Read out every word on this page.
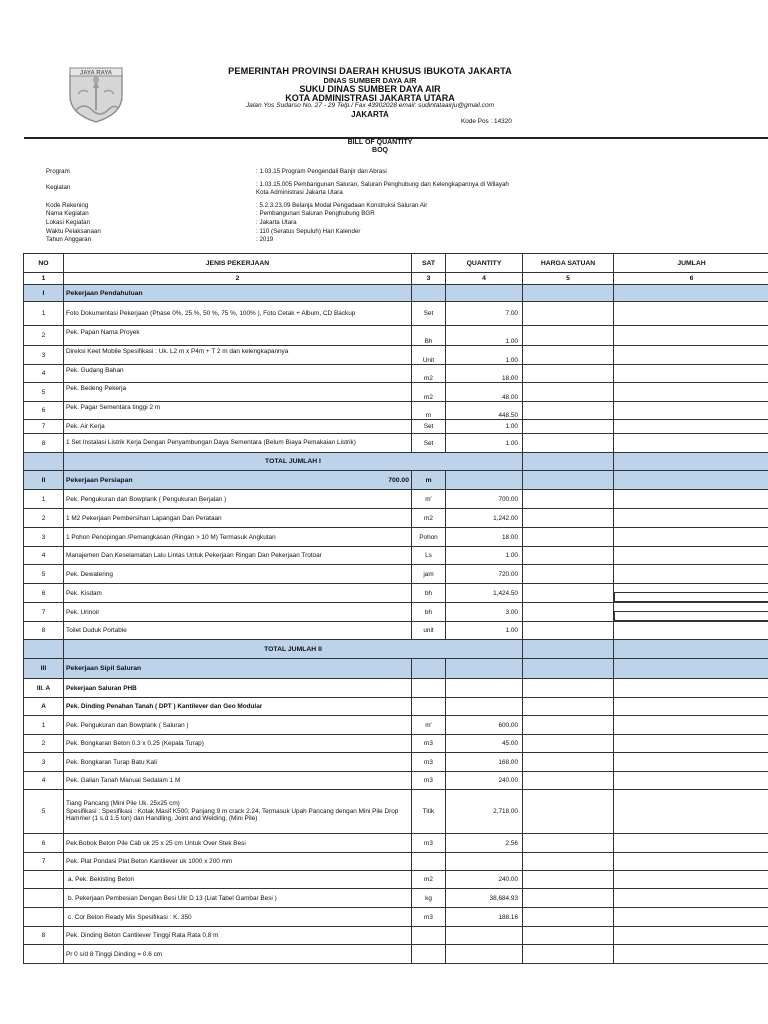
JAYA RAYA	PEMERINTAH PROVINSI DAERAH KHUSUS IBUKOTA JAKARTA
DINAS SUMBER DAYA AIR
SUKU DINAS SUMBER DAYA AIR
KOTA ADMINISTRASI JAKARTA UTARA
Jalan Yos Sudarso No. 27 - 29 Telp./ Fax 43902028 email: sudintataairju@gmail.com
JAKARTA
Kode Pos : 14320
BILL OF QUANTITY
BOQ
Program	: 1.03.15 Program Pengendali Banjir dan Abrasi
Kegiatan	: 1.03.15.005 Pembangunan Saluran, Saluran Penghubung dan Kelengkapannya di Wilayah Kota Administrasi Jakarta Utara
Kode Rekening	: 5.2.3.23.09 Belanja Modal Pengadaan Konstruksi Saluran Air
Nama Kegiatan	: Pembangunan Saluran Penghubung BGR
Lokasi Kegiatan	: Jakarta Utara
Waktu Pelaksanaan	: 110 (Seratus Sepuluh) Hari Kalender
Tahun Anggaran	: 2019
NO	JENIS PEKERJAAN	SAT	QUANTITY	HARGA SATUAN	JUMLAH
1	2	3	4	5	6
I	Pekerjaan Pendahuluan				
1	Foto Dokumentasi Pekerjaan (Phase 0%, 25 %, 50 %, 75 %, 100% ), Foto Cetak + Album, CD Backup	Set	7.00		
2	Pek. Papan Nama Proyek	Bh	1.00		
3	Direksi Keet Mobile Spesifikasi : Uk. L2 m x P4m + T 2 m dan kelengkapannya	Unit	1.00		
4	Pek. Gudang Bahan	m2	18.00		
5	Pek. Bedeng Pekerja	m2	48.00		
6	Pek. Pagar Sementara tinggi 2 m	m	448.50		
7	Pek. Air Kerja	Set	1.00		
8	1 Set Instalasi Listrik Kerja Dengan Penyambungan Daya Sementara (Belum Biaya Pemakaian Listrik)	Set	1.00		
	TOTAL JUMLAH I				
II	Pekerjaan Persiapan 700.00	m			
1	Pek. Pengukuran dan Bowplank ( Pengukuran Berjalan )	m'	700.00		
2	1 M2 Pekerjaan Pembersihan Lapangan Dan Perataan	m2	1,242.00		
3	1 Pohon Penopingan /Pemangkasan (Ringan > 10 M) Termasuk Angkutan	Pohon	18.00		
4	Manajemen Dan Keselamatan Lalu Lintas Untuk Pekerjaan Ringan Dan Pekerjaan Trotoar	Ls	1.00		
5	Pek. Dewatering	jam	720.00		
6	Pek. Kisdam	bh	1,424.50		

7	Pek. Urinoir	bh	3.00		

8	Toilet Duduk Portable	unit	1.00		
	TOTAL JUMLAH II				
III	Pekerjaan Sipil Saluran				
III. A	Pekerjaan Saluran PHB				
A	Pek. Dinding Penahan Tanah ( DPT ) Kantilever dan Geo Modular				
1	Pek. Pengukuran dan Bowplank ( Saluran )	m'	600.00		
2	Pek. Bongkaran Beton 0.3 x 0.25 (Kepala Turap)	m3	45.00		
3	Pek. Bongkaran Turap Batu Kali	m3	168.00		
4	Pek. Galian Tanah Manual Sedalam 1 M	m3	240.00		
5	Tiang Pancang (Mini Pile Uk. 25x25 cm)
Spesifikasi : Spesifikasi : Kotak Masif K500, Panjang 9 m crack 2.24, Termasuk Upah Pancang dengan Mini Pile Drop Hammer (1 s.d 1.5 ton) dan Handling, Joint and Welding, (Mini Pile)	Titik	2,718.00		
6	Pek.Bobok Beton Pile Cab uk 25 x 25 cm Untuk Over Stek Besi	m3	2.56		
7	Pek. Plat Pondasi Plat Beton Kantilever uk 1000 x 200 mm				
	a. Pek. Bekisting Beton	m2	240.00		
	b. Pekerjaan Pembesian Dengan Besi Ulir D 13 (Liat Tabel Gambar Besi )	kg	38,684.93		
	c. Cor Beton Ready Mix Spesifikasi : K. 350	m3	188.16		
8	Pek. Dinding Beton Cantilever Tinggi Rata Rata 0,8 m				
	Pr 0 s/d 8 Tinggi Dinding = 0.6 cm				
